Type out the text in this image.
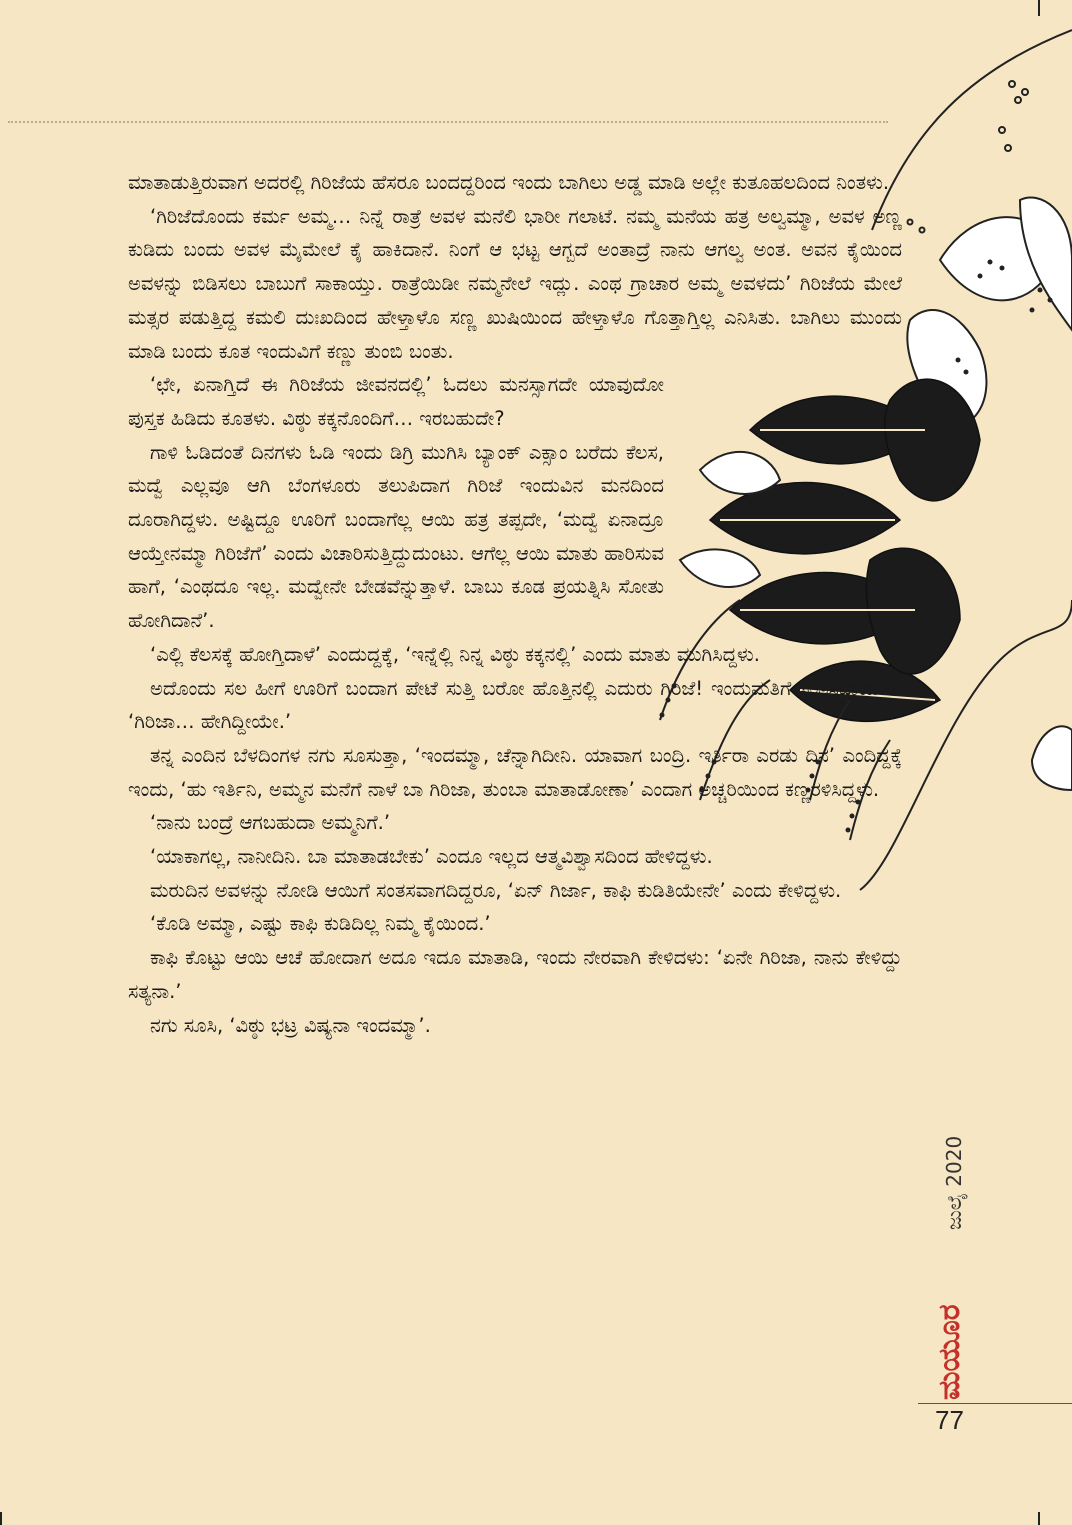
ಮಾತಾಡುತ್ತಿರುವಾಗ ಅದರಲ್ಲಿ ಗಿರಿಜೆಯ ಹೆಸರೂ ಬಂದದ್ದರಿಂದ ಇಂದು ಬಾಗಿಲು ಅಡ್ಡ ಮಾಡಿ ಅಲ್ಲೇ ಕುತೂಹಲದಿಂದ ನಿಂತಳು.

‘ಗಿರಿಜೆದೊಂದು ಕರ್ಮ ಅಮ್ಮ… ನಿನ್ನೆ ರಾತ್ರೆ ಅವಳ ಮನೆಲಿ ಭಾರೀ ಗಲಾಟೆ. ನಮ್ಮ ಮನೆಯ ಹತ್ರ ಅಲ್ವಮ್ಮಾ, ಅವಳ ಅಣ್ಣ ಕುಡಿದು ಬಂದು ಅವಳ ಮೈಮೇಲೆ ಕೈ ಹಾಕಿದಾನೆ. ನಿಂಗೆ ಆ ಭಟ್ಟ ಆಗ್ಬದೆ ಅಂತಾದ್ರೆ ನಾನು ಆಗಲ್ವ ಅಂತ. ಅವನ ಕೈಯಿಂದ ಅವಳನ್ನು ಬಿಡಿಸಲು ಬಾಬುಗೆ ಸಾಕಾಯ್ತು. ರಾತ್ರೆಯಿಡೀ ನಮ್ಮನೇಲೆ ಇದ್ಲು. ಎಂಥ ಗ್ರಾಚಾರ ಅಮ್ಮ ಅವಳದು’ ಗಿರಿಜೆಯ ಮೇಲೆ ಮತ್ಸರ ಪಡುತ್ತಿದ್ದ ಕಮಲಿ ದುಃಖದಿಂದ ಹೇಳ್ತಾಳೊ ಸಣ್ಣ ಖುಷಿಯಿಂದ ಹೇಳ್ತಾಳೊ ಗೊತ್ತಾಗ್ತಿಲ್ಲ ಎನಿಸಿತು. ಬಾಗಿಲು ಮುಂದು ಮಾಡಿ ಬಂದು ಕೂತ ಇಂದುವಿಗೆ ಕಣ್ಣು ತುಂಬಿ ಬಂತು.

‘ಛೇ, ಏನಾಗ್ತಿದೆ ಈ ಗಿರಿಜೆಯ ಜೀವನದಲ್ಲಿ’ ಓದಲು ಮನಸ್ಸಾಗದೇ ಯಾವುದೋ ಪುಸ್ತಕ ಹಿಡಿದು ಕೂತಳು. ವಿಠ್ಠು ಕಕ್ಕನೊಂದಿಗೆ… ಇರಬಹುದೇ?

ಗಾಳಿ ಓಡಿದಂತೆ ದಿನಗಳು ಓಡಿ ಇಂದು ಡಿಗ್ರಿ ಮುಗಿಸಿ ಬ್ಯಾಂಕ್ ಎಕ್ಸಾಂ ಬರೆದು ಕೆಲಸ, ಮದ್ವೆ ಎಲ್ಲವೂ ಆಗಿ ಬೆಂಗಳೂರು ತಲುಪಿದಾಗ ಗಿರಿಜೆ ಇಂದುವಿನ ಮನದಿಂದ ದೂರಾಗಿದ್ದಳು. ಅಷ್ಟಿದ್ದೂ ಊರಿಗೆ ಬಂದಾಗೆಲ್ಲ ಆಯಿ ಹತ್ರ ತಪ್ಪದೇ, ‘ಮದ್ವೆ ಏನಾದ್ರೂ ಆಯ್ತೇನಮ್ಮಾ ಗಿರಿಜೆಗೆ’ ಎಂದು ವಿಚಾರಿಸುತ್ತಿದ್ದುದುಂಟು. ಆಗೆಲ್ಲ ಆಯಿ ಮಾತು ಹಾರಿಸುವ ಹಾಗೆ, ‘ಎಂಥದೂ ಇಲ್ಲ. ಮದ್ವೇನೇ ಬೇಡವೆನ್ನುತ್ತಾಳೆ. ಬಾಬು ಕೂಡ ಪ್ರಯತ್ನಿಸಿ ಸೋತು ಹೋಗಿದಾನೆ’.

‘ಎಲ್ಲಿ ಕೆಲಸಕ್ಕೆ ಹೋಗ್ತಿದಾಳೆ’ ಎಂದುದ್ದಕ್ಕೆ, ‘ಇನ್ನೆಲ್ಲಿ ನಿನ್ನ ವಿಠ್ಠು ಕಕ್ಕನಲ್ಲಿ’ ಎಂದು ಮಾತು ಮುಗಿಸಿದ್ದಳು.

ಅದೊಂದು ಸಲ ಹೀಗೆ ಊರಿಗೆ ಬಂದಾಗ ಪೇಟೆ ಸುತ್ತಿ ಬರೋ ಹೊತ್ತಿನಲ್ಲಿ ಎದುರು ಗಿರಿಜೆ! ಇಂದುಮತಿಗೆ ಸಂತಸವಾಯಿತು. ‘ಗಿರಿಜಾ… ಹೇಗಿದ್ದೀಯೇ.’

ತನ್ನ ಎಂದಿನ ಬೆಳದಿಂಗಳ ನಗು ಸೂಸುತ್ತಾ, ‘ಇಂದಮ್ಮಾ, ಚೆನ್ನಾಗಿದೀನಿ. ಯಾವಾಗ ಬಂದ್ರಿ. ಇರ್ತಿರಾ ಎರಡು ದಿನ’ ಎಂದಿದ್ದಕ್ಕೆ ಇಂದು, ‘ಹು ಇರ್ತಿನಿ, ಅಮ್ಮನ ಮನೆಗೆ ನಾಳೆ ಬಾ ಗಿರಿಜಾ, ತುಂಬಾ ಮಾತಾಡೋಣಾ’ ಎಂದಾಗ ಅಚ್ಚರಿಯಿಂದ ಕಣ್ಣರಳಿಸಿದ್ದಳು.

‘ನಾನು ಬಂದ್ರೆ ಆಗಬಹುದಾ ಅಮ್ಮನಿಗೆ.’

‘ಯಾಕಾಗಲ್ಲ, ನಾನೀದಿನಿ. ಬಾ ಮಾತಾಡಬೇಕು’ ಎಂದೂ ಇಲ್ಲದ ಆತ್ಮವಿಶ್ವಾಸದಿಂದ ಹೇಳಿದ್ದಳು.

ಮರುದಿನ ಅವಳನ್ನು ನೋಡಿ ಆಯಿಗೆ ಸಂತಸವಾಗದಿದ್ದರೂ, ‘ಏನ್ ಗಿರ್ಜಾ, ಕಾಫಿ ಕುಡಿತಿಯೇನೇ’ ಎಂದು ಕೇಳಿದ್ದಳು.

‘ಕೊಡಿ ಅಮ್ಮಾ, ಎಷ್ಟು ಕಾಫಿ ಕುಡಿದಿಲ್ಲ ನಿಮ್ಮ ಕೈಯಿಂದ.’

ಕಾಫಿ ಕೊಟ್ಟು ಆಯಿ ಆಚೆ ಹೋದಾಗ ಅದೂ ಇದೂ ಮಾತಾಡಿ, ಇಂದು ನೇರವಾಗಿ ಕೇಳಿದಳು: ‘ಏನೇ ಗಿರಿಜಾ, ನಾನು ಕೇಳಿದ್ದು ಸತ್ಯನಾ.’

ನಗು ಸೂಸಿ, ‘ವಿಠ್ಠು ಭಟ್ರ ವಿಷ್ಯನಾ ಇಂದಮ್ಮಾ’.

ಜುಲೈ 2020
ಮಯೂರ
77
